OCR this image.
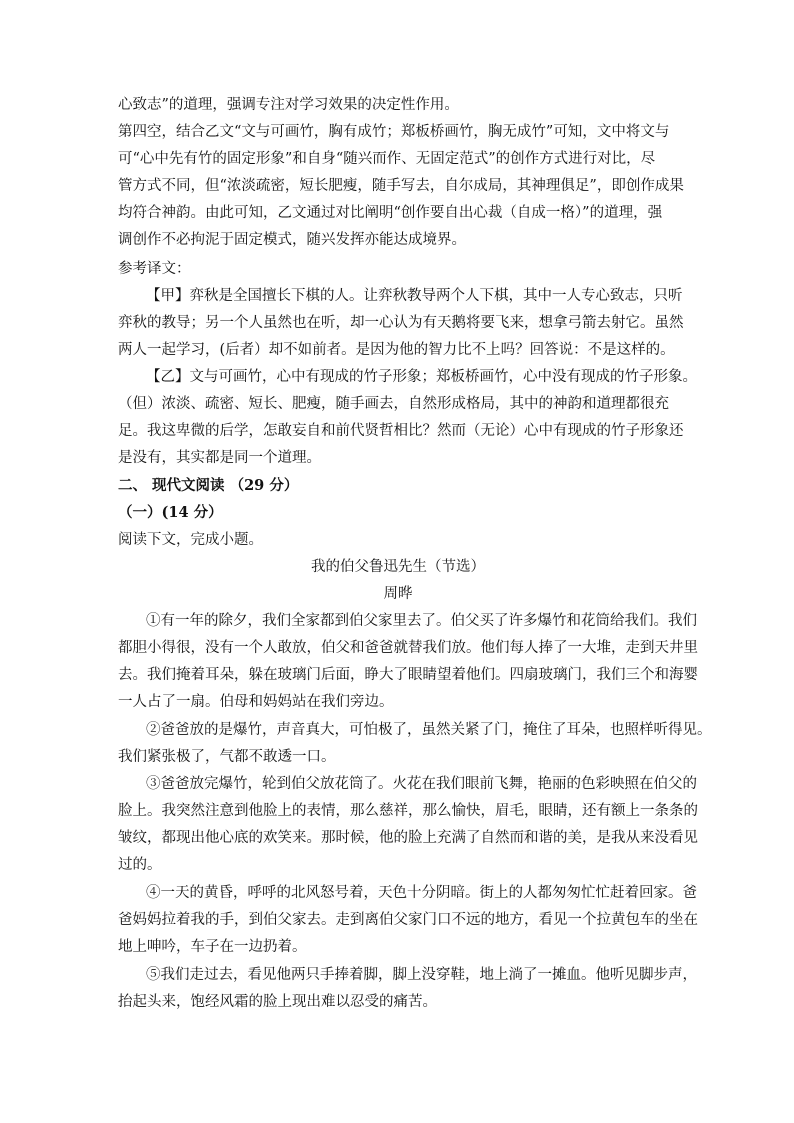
心致志”的道理，强调专注对学习效果的决定性作用。
第四空，结合乙文“文与可画竹，胸有成竹；郑板桥画竹，胸无成竹”可知，文中将文与
可“心中先有竹的固定形象”和自身“随兴而作、无固定范式”的创作方式进行对比，尽
管方式不同，但“浓淡疏密，短长肥瘦，随手写去，自尔成局，其神理俱足”，即创作成果
均符合神韵。由此可知，乙文通过对比阐明“创作要自出心裁（自成一格）”的道理，强
调创作不必拘泥于固定模式，随兴发挥亦能达成境界。
参考译文：
【甲】弈秋是全国擅长下棋的人。让弈秋教导两个人下棋，其中一人专心致志，只听
弈秋的教导；另一个人虽然也在听，却一心认为有天鹅将要飞来，想拿弓箭去射它。虽然
两人一起学习，(后者）却不如前者。是因为他的智力比不上吗？回答说：不是这样的。
【乙】文与可画竹，心中有现成的竹子形象；郑板桥画竹，心中没有现成的竹子形象。
（但）浓淡、疏密、短长、肥瘦，随手画去，自然形成格局，其中的神韵和道理都很充
足。我这卑微的后学，怎敢妄自和前代贤哲相比？然而（无论）心中有现成的竹子形象还
是没有，其实都是同一个道理。
二、 现代文阅读 （29 分）
（一）(14 分）
阅读下文，完成小题。
我的伯父鲁迅先生（节选）
周晔
①有一年的除夕，我们全家都到伯父家里去了。伯父买了许多爆竹和花筒给我们。我们
都胆小得很，没有一个人敢放，伯父和爸爸就替我们放。他们每人捧了一大堆，走到天井里
去。我们掩着耳朵，躲在玻璃门后面，睁大了眼睛望着他们。四扇玻璃门，我们三个和海婴
一人占了一扇。伯母和妈妈站在我们旁边。
②爸爸放的是爆竹，声音真大，可怕极了，虽然关紧了门，掩住了耳朵，也照样听得见。
我们紧张极了，气都不敢透一口。
③爸爸放完爆竹，轮到伯父放花筒了。火花在我们眼前飞舞，艳丽的色彩映照在伯父的
脸上。我突然注意到他脸上的表情，那么慈祥，那么愉快，眉毛，眼睛，还有额上一条条的
皱纹，都现出他心底的欢笑来。那时候，他的脸上充满了自然而和谐的美，是我从来没看见
过的。
④一天的黄昏，呼呼的北风怒号着，天色十分阴暗。街上的人都匆匆忙忙赶着回家。爸
爸妈妈拉着我的手，到伯父家去。走到离伯父家门口不远的地方，看见一个拉黄包车的坐在
地上呻吟，车子在一边扔着。
⑤我们走过去，看见他两只手捧着脚，脚上没穿鞋，地上淌了一摊血。他听见脚步声，
抬起头来，饱经风霜的脸上现出难以忍受的痛苦。
